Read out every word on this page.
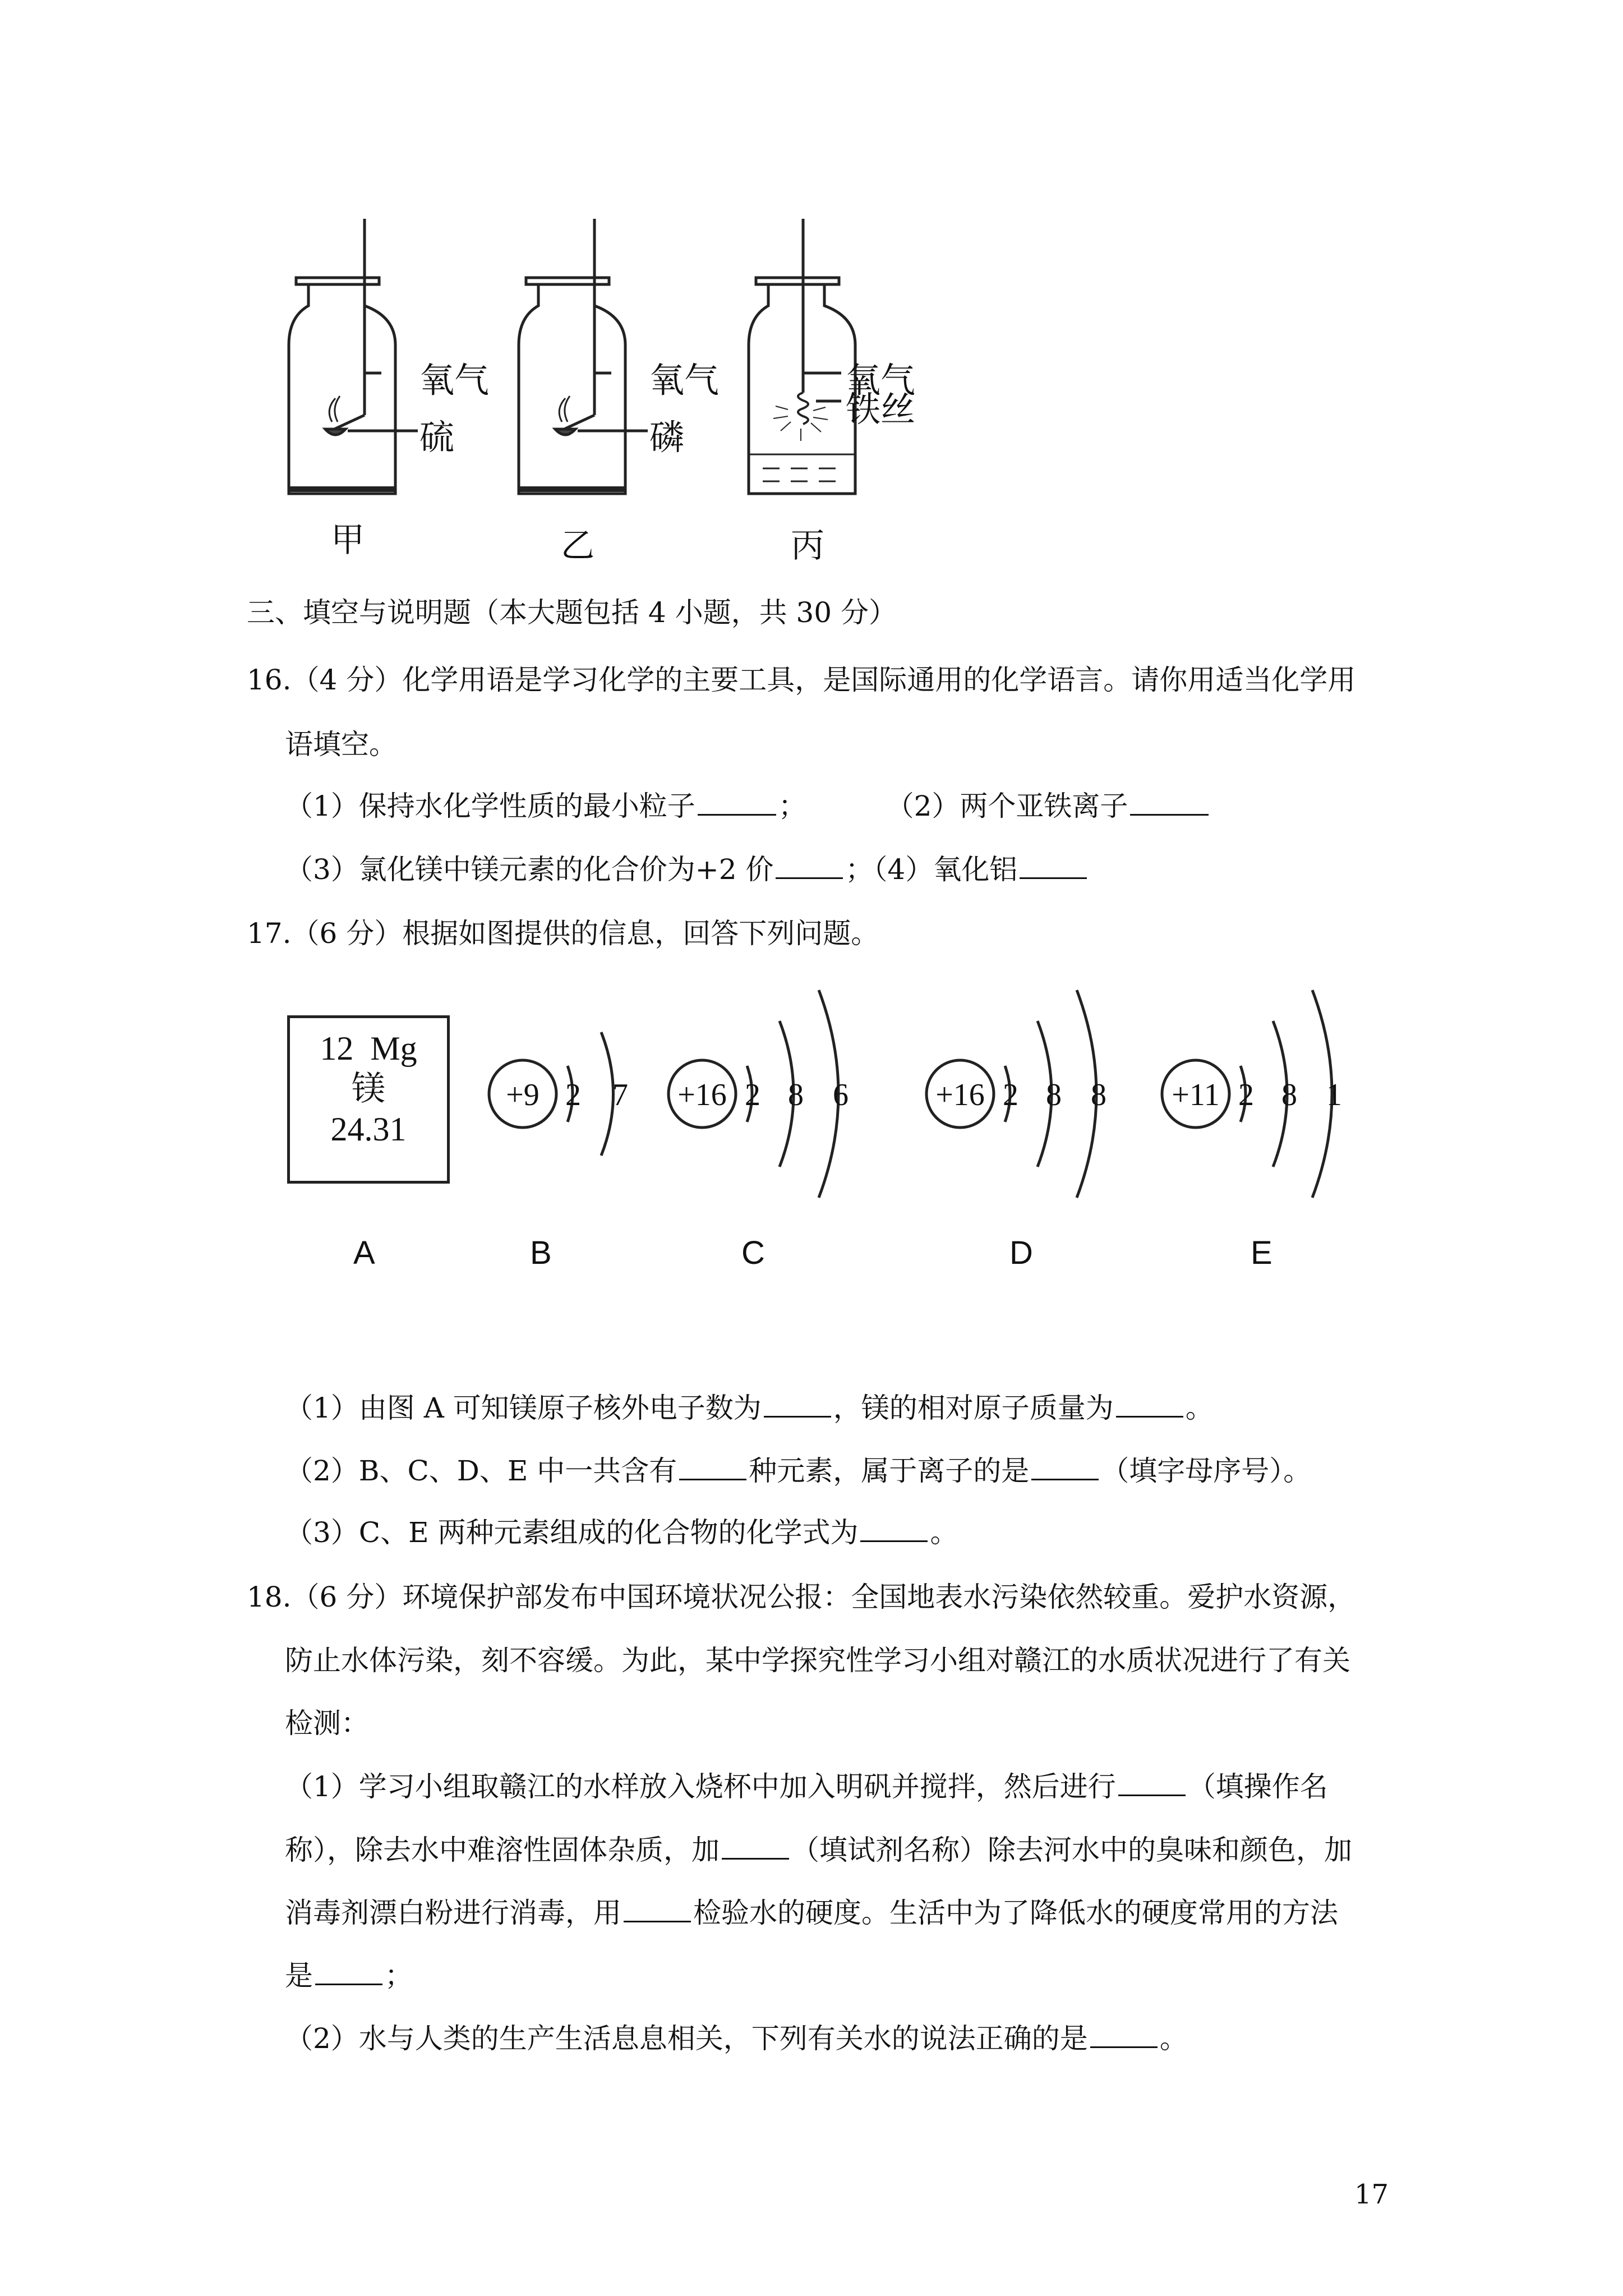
氧气
硫
氧气
磷
氧气
铁丝
甲	乙	丙
三、填空与说明题（本大题包括 4 小题，共 30 分）
16.（4 分）化学用语是学习化学的主要工具，是国际通用的化学语言。请你用适当化学用
语填空。
（1）保持水化学性质的最小粒子	；	（2）两个亚铁离子
（3）氯化镁中镁元素的化合价为+2 价	；（4）氧化铝
17.（6 分）根据如图提供的信息，回答下列问题。
12 Mg
镁
24.31
A
+9 2 7 +16 2 8 6	+16 2 8 8 +11 2 8 1
B	C	D	E
（1）由图 A 可知镁原子核外电子数为	，镁的相对原子质量为	。
（2）B、C、D、E 中一共含有	种元素，属于离子的是	（填字母序号）。
（3）C、E 两种元素组成的化合物的化学式为	。
18.（6 分）环境保护部发布中国环境状况公报：全国地表水污染依然较重。爱护水资源，
防止水体污染，刻不容缓。为此，某中学探究性学习小组对赣江的水质状况进行了有关
检测：
（1）学习小组取赣江的水样放入烧杯中加入明矾并搅拌，然后进行	（填操作名
称），除去水中难溶性固体杂质，加	（填试剂名称）除去河水中的臭味和颜色，加
消毒剂漂白粉进行消毒，用	检验水的硬度。生活中为了降低水的硬度常用的方法
是	；
（2）水与人类的生产生活息息相关，下列有关水的说法正确的是	。
17
